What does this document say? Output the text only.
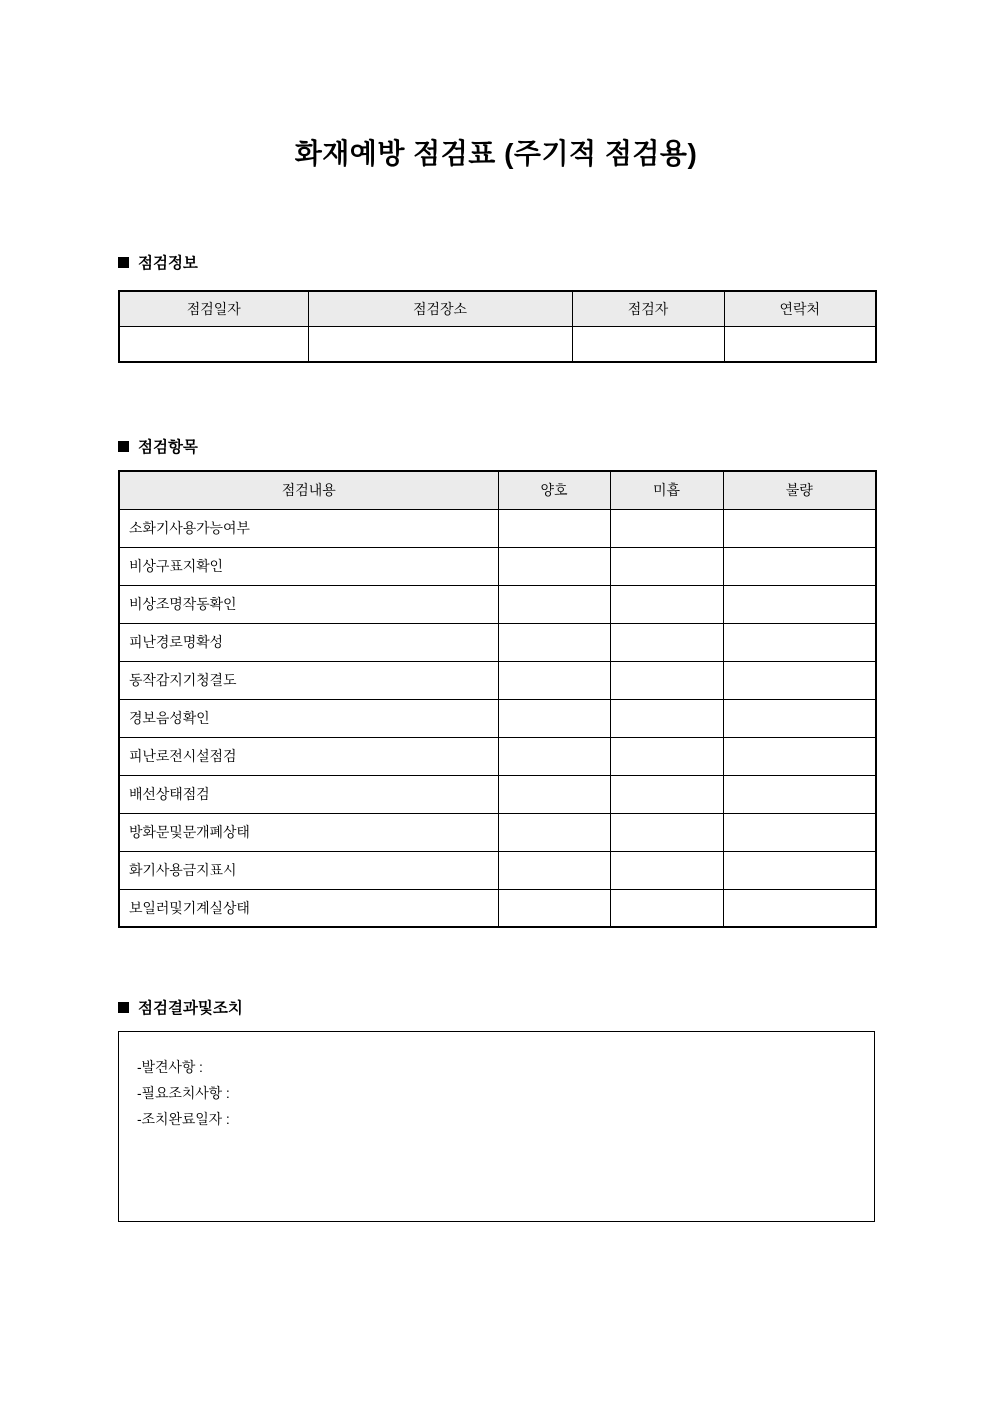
화재예방 점검표 (주기적 점검용)
점검정보
점검일자	점검장소	점검자	연락처

점검항목
점검내용	양호	미흡	불량
소화기사용가능여부			
비상구표지확인			
비상조명작동확인			
피난경로명확성			
동작감지기청결도			
경보음성확인			
피난로전시설점검			
배선상태점검			
방화문및문개폐상태			
화기사용금지표시			
보일러및기계실상태			
점검결과및조치
-발견사항 :
-필요조치사항 :
-조치완료일자 :
